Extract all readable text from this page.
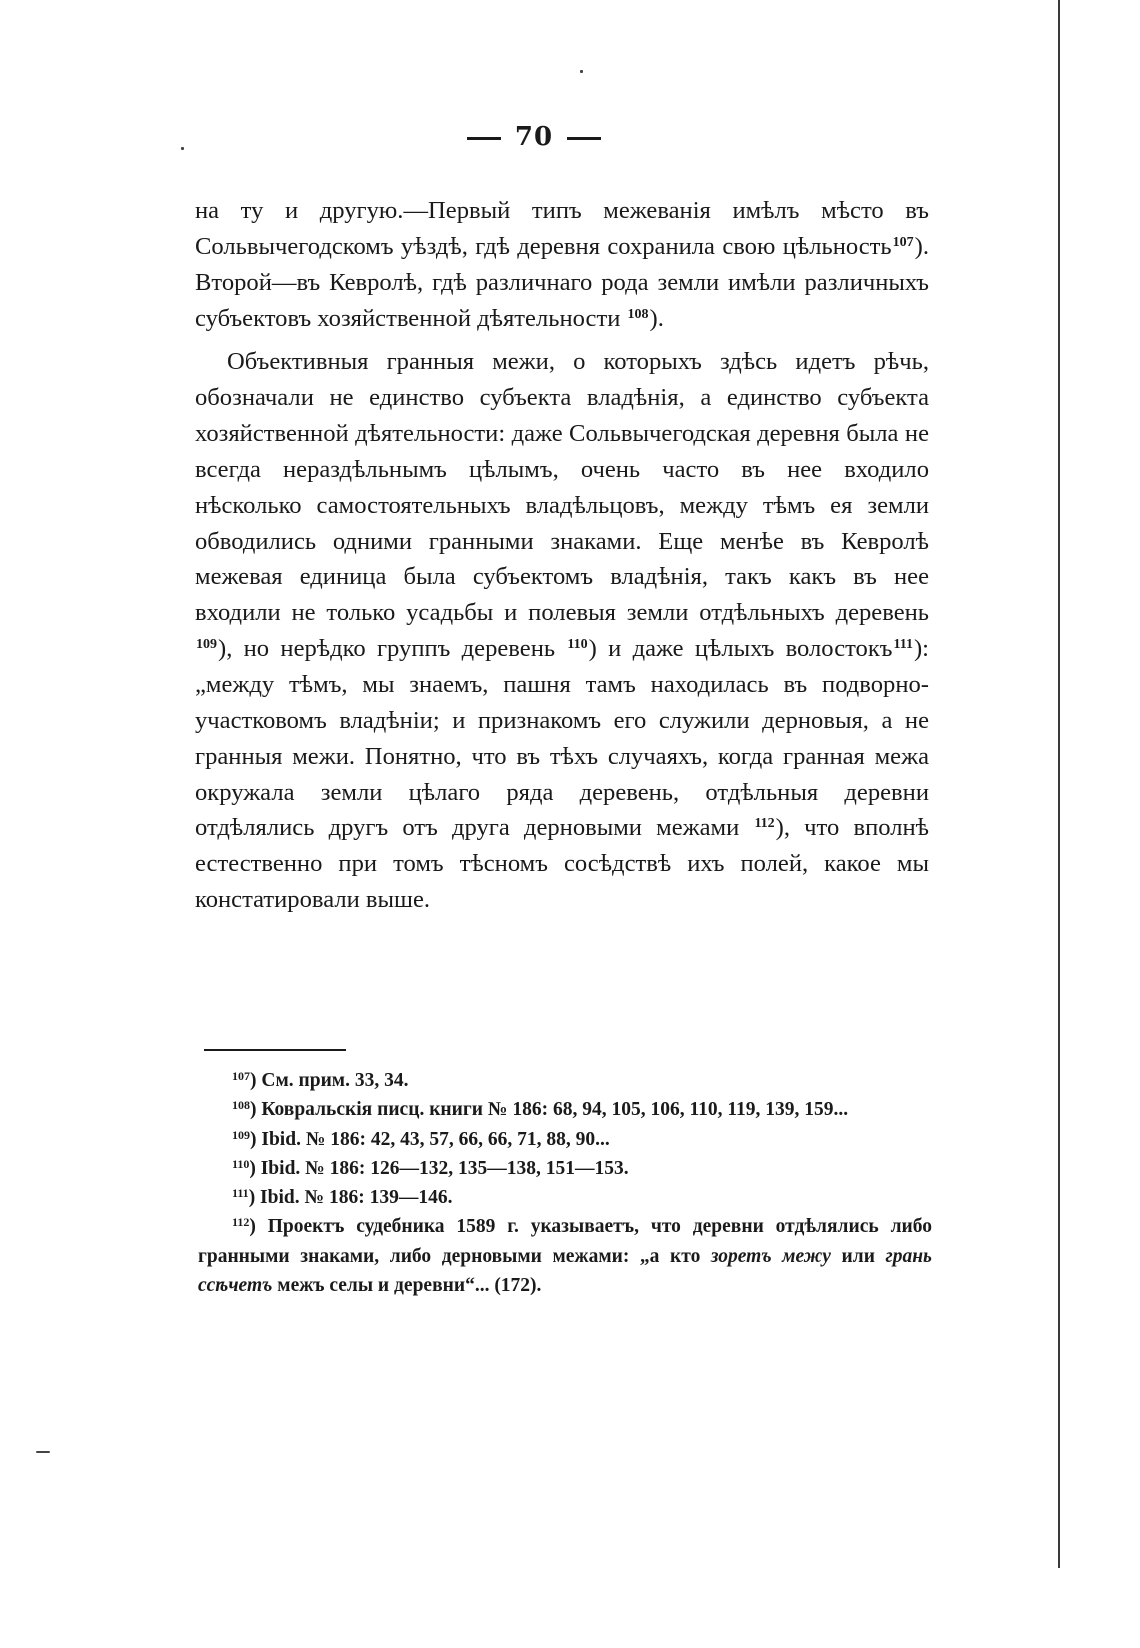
70

на ту и другую.—Первый типъ межеванія имѣлъ мѣсто въ Сольвычегодскомъ уѣздѣ, гдѣ деревня сохранила свою цѣльность$^{107}$). Второй—въ Кевролѣ, гдѣ различнаго рода земли имѣли различныхъ субъектовъ хозяйственной дѣятельности $^{108}$).

Объективныя гранныя межи, о которыхъ здѣсь идетъ рѣчь, обозначали не единство субъекта владѣнія, а единство субъекта хозяйственной дѣятельности: даже Сольвычегодская деревня была не всегда нераздѣльнымъ цѣлымъ, очень часто въ нее входило нѣсколько самостоятельныхъ владѣльцовъ, между тѣмъ ея земли обводились одними гранными знаками. Еще менѣе въ Кевролѣ межевая единица была субъектомъ владѣнія, такъ какъ въ нее входили не только усадьбы и полевыя земли отдѣльныхъ деревень $^{109}$), но нерѣдко группъ деревень $^{110}$) и даже цѣлыхъ волостокъ$^{111}$): „между тѣмъ, мы знаемъ, пашня тамъ находилась въ подворно-участковомъ владѣніи; и признакомъ его служили дерновыя, а не гранныя межи. Понятно, что въ тѣхъ случаяхъ, когда гранная межа окружала земли цѣлаго ряда деревень, отдѣльныя деревни отдѣлялись другъ отъ друга дерновыми межами $^{112}$), что вполнѣ естественно при томъ тѣсномъ сосѣдствѣ ихъ полей, какое мы констатировали выше.

$^{107}$) См. прим. 33, 34.

$^{108}$) Ковральскія писц. книги № 186: 68, 94, 105, 106, 110, 119, 139, 159...

$^{109}$) Ibid. № 186: 42, 43, 57, 66, 66, 71, 88, 90...

$^{110}$) Ibid. № 186: 126—132, 135—138, 151—153.

$^{111}$) Ibid. № 186: 139—146.

$^{112}$) Проектъ судебника 1589 г. указываетъ, что деревни отдѣлялись либо гранными знаками, либо дерновыми межами: „а кто зоретъ межу или грань ссѣчетъ межъ селы и деревни“... (172).
